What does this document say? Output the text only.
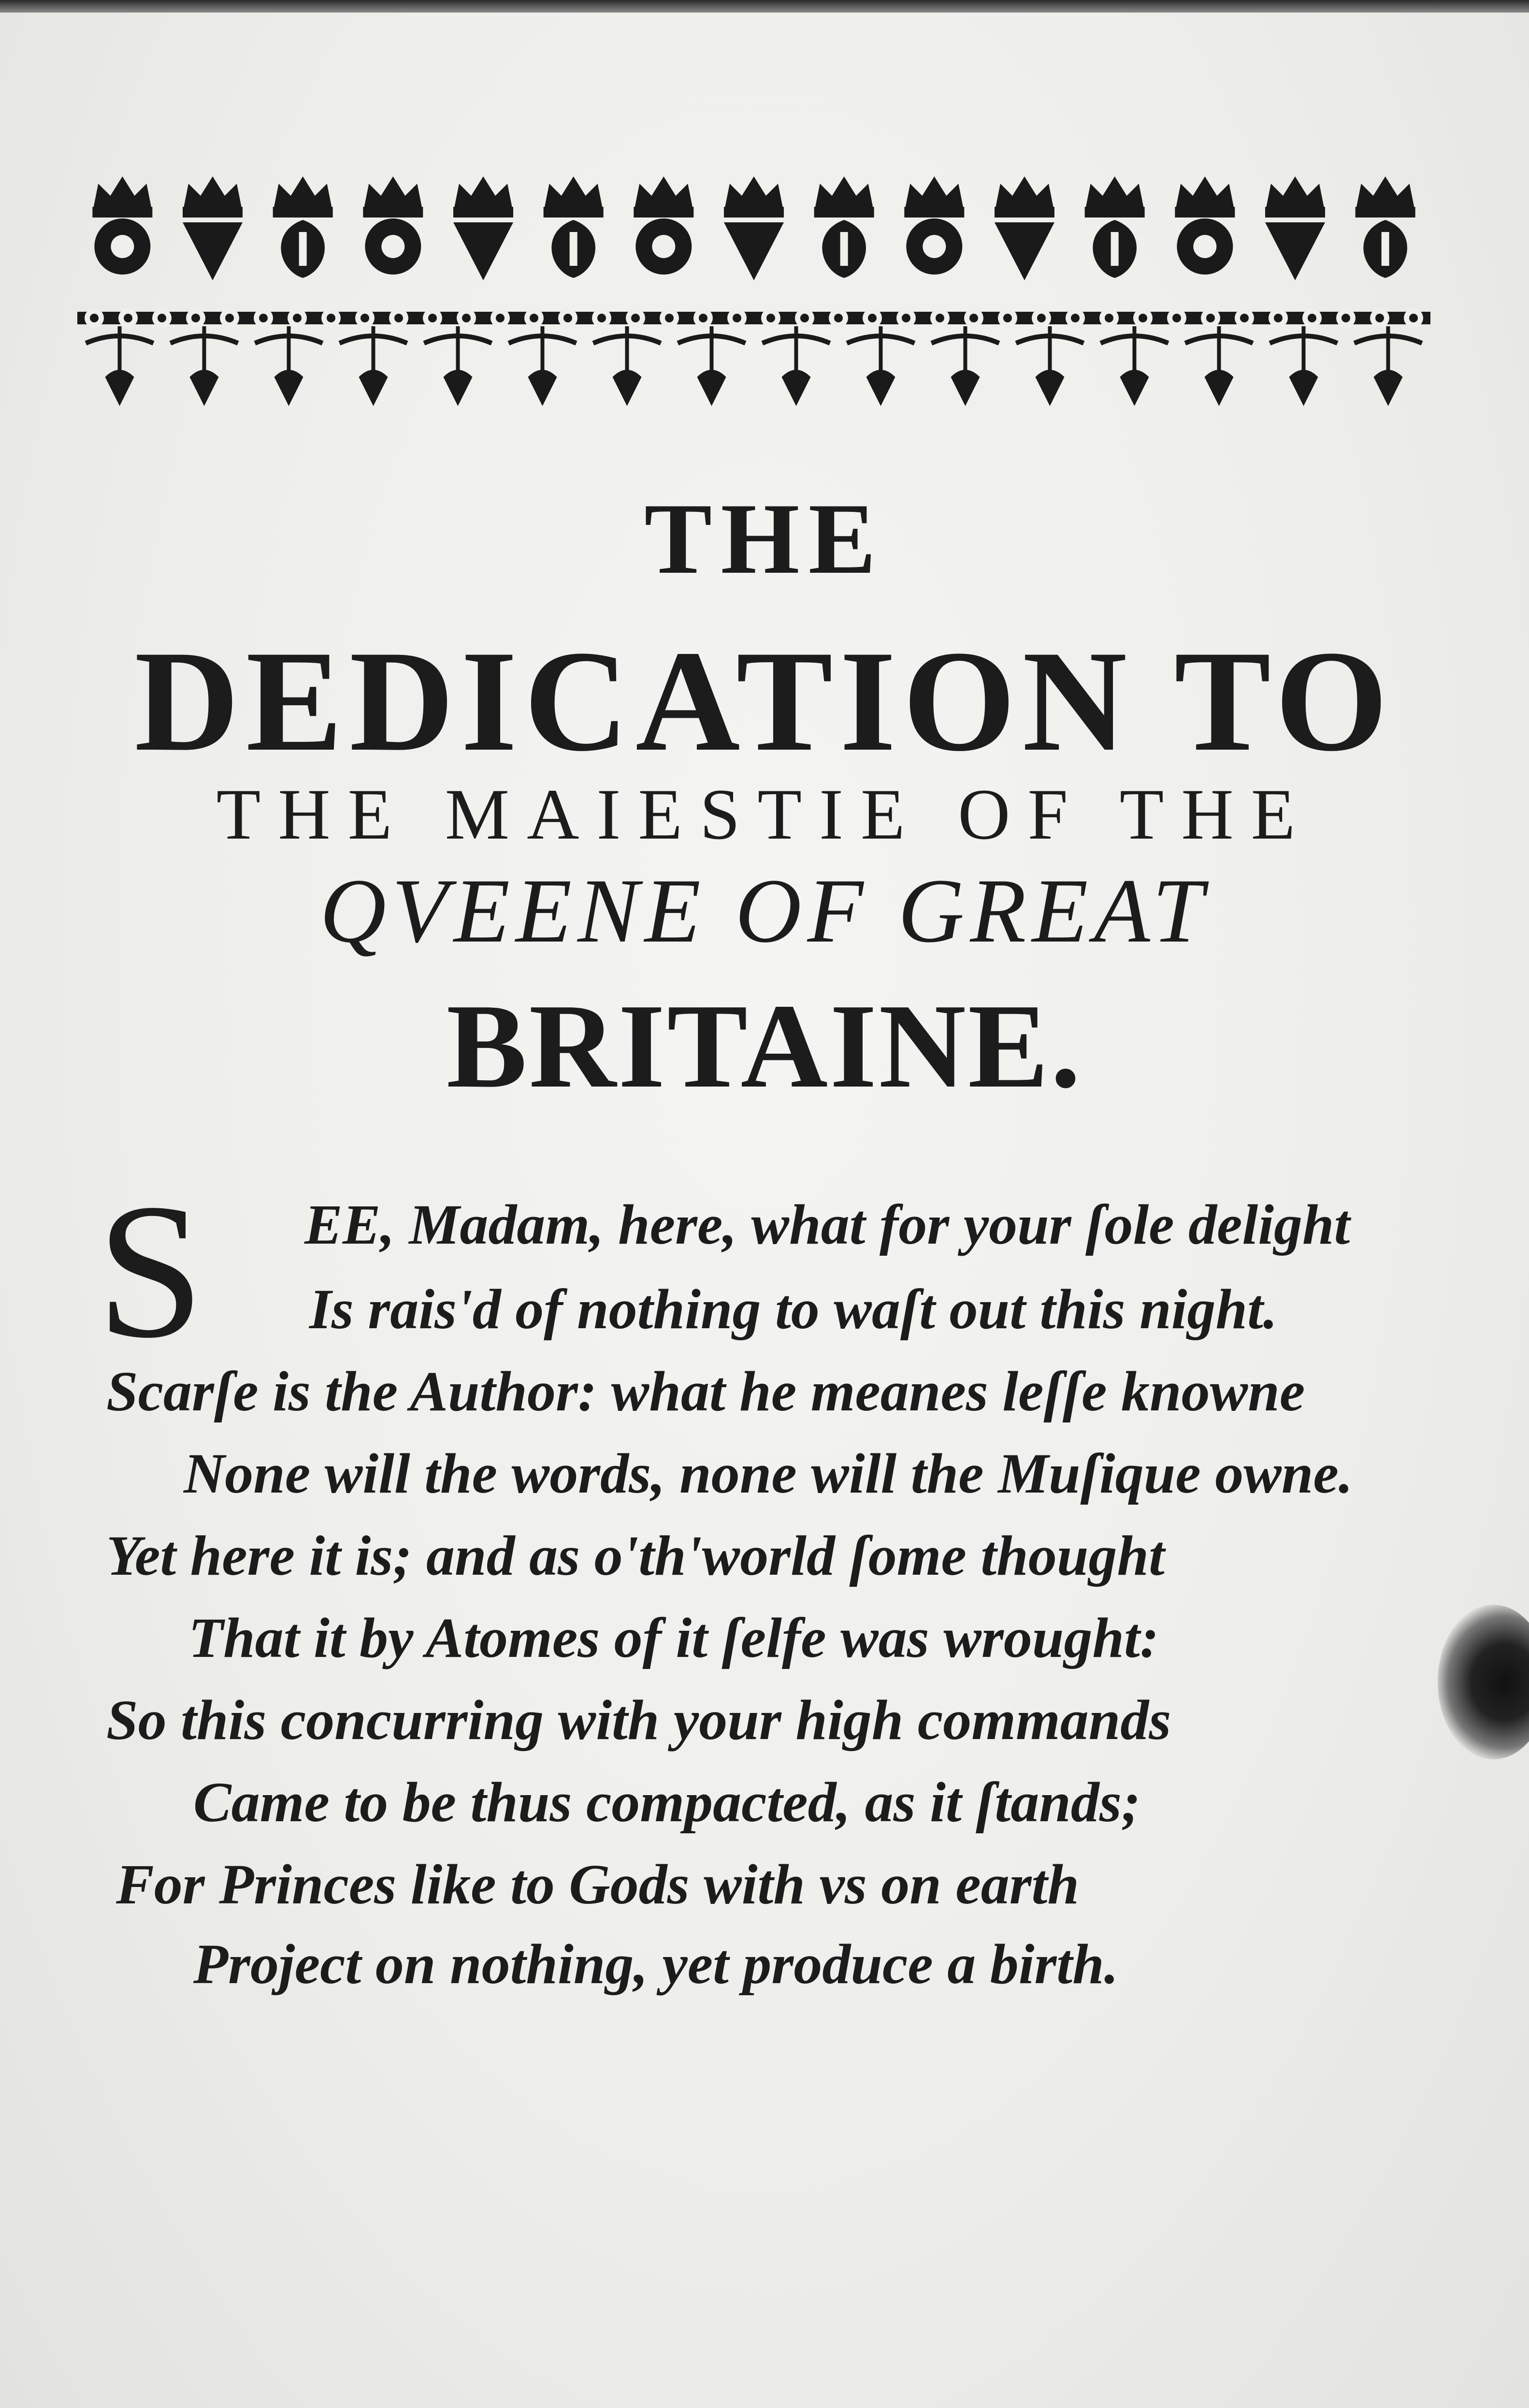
THE
DEDICATION TO
THE MAIESTIE OF THE
QVEENE OF GREAT
BRITAINE.
S EE, Madam, here, what for your ſole delight
Is rais'd of nothing to waſt out this night.
Scarſe is the Author: what he meanes leſſe knowne
None will the words, none will the Muſique owne.
Yet here it is; and as o'th'world ſome thought
That it by Atomes of it ſelfe was wrought:
So this concurring with your high commands
Came to be thus compacted, as it ſtands;
For Princes like to Gods with vs on earth
Project on nothing, yet produce a birth.
